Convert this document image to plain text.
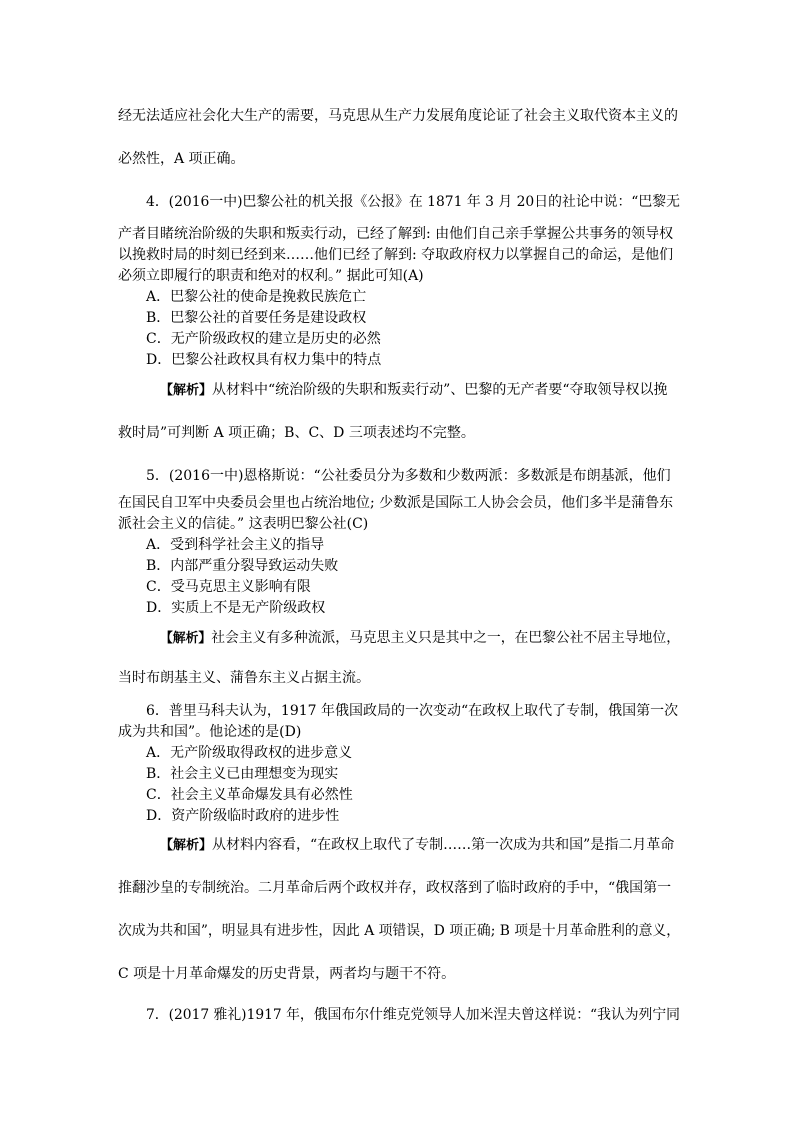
经无法适应社会化大生产的需要，马克思从生产力发展角度论证了社会主义取代资本主义的
必然性，A 项正确。
4．(2016一中)巴黎公社的机关报《公报》在 1871 年 3 月 20日的社论中说：“巴黎无
产者目睹统治阶级的失职和叛卖行动，已经了解到: 由他们自己亲手掌握公共事务的领导权
以挽救时局的时刻已经到来……他们已经了解到: 夺取政府权力以掌握自己的命运，是他们
必须立即履行的职责和绝对的权利。” 据此可知(A)
A．巴黎公社的使命是挽救民族危亡
B．巴黎公社的首要任务是建设政权
C．无产阶级政权的建立是历史的必然
D．巴黎公社政权具有权力集中的特点
【解析】从材料中“统治阶级的失职和叛卖行动”、巴黎的无产者要“夺取领导权以挽
救时局”可判断 A 项正确；B、C、D 三项表述均不完整。
5．(2016一中)恩格斯说：“公社委员分为多数和少数两派：多数派是布朗基派，他们
在国民自卫军中央委员会里也占统治地位; 少数派是国际工人协会会员，他们多半是蒲鲁东
派社会主义的信徒。” 这表明巴黎公社(C)
A．受到科学社会主义的指导
B．内部严重分裂导致运动失败
C．受马克思主义影响有限
D．实质上不是无产阶级政权
【解析】社会主义有多种流派，马克思主义只是其中之一，在巴黎公社不居主导地位，
当时布朗基主义、蒲鲁东主义占据主流。
6．普里马科夫认为，1917 年俄国政局的一次变动“在政权上取代了专制，俄国第一次
成为共和国”。他论述的是(D)
A．无产阶级取得政权的进步意义
B．社会主义已由理想变为现实
C．社会主义革命爆发具有必然性
D．资产阶级临时政府的进步性
【解析】从材料内容看，“在政权上取代了专制……第一次成为共和国”是指二月革命
推翻沙皇的专制统治。二月革命后两个政权并存，政权落到了临时政府的手中，“俄国第一
次成为共和国”，明显具有进步性，因此 A 项错误，D 项正确; B 项是十月革命胜利的意义，
C 项是十月革命爆发的历史背景，两者均与题干不符。
7．(2017 雅礼)1917 年，俄国布尔什维克党领导人加米涅夫曾这样说：“我认为列宁同
